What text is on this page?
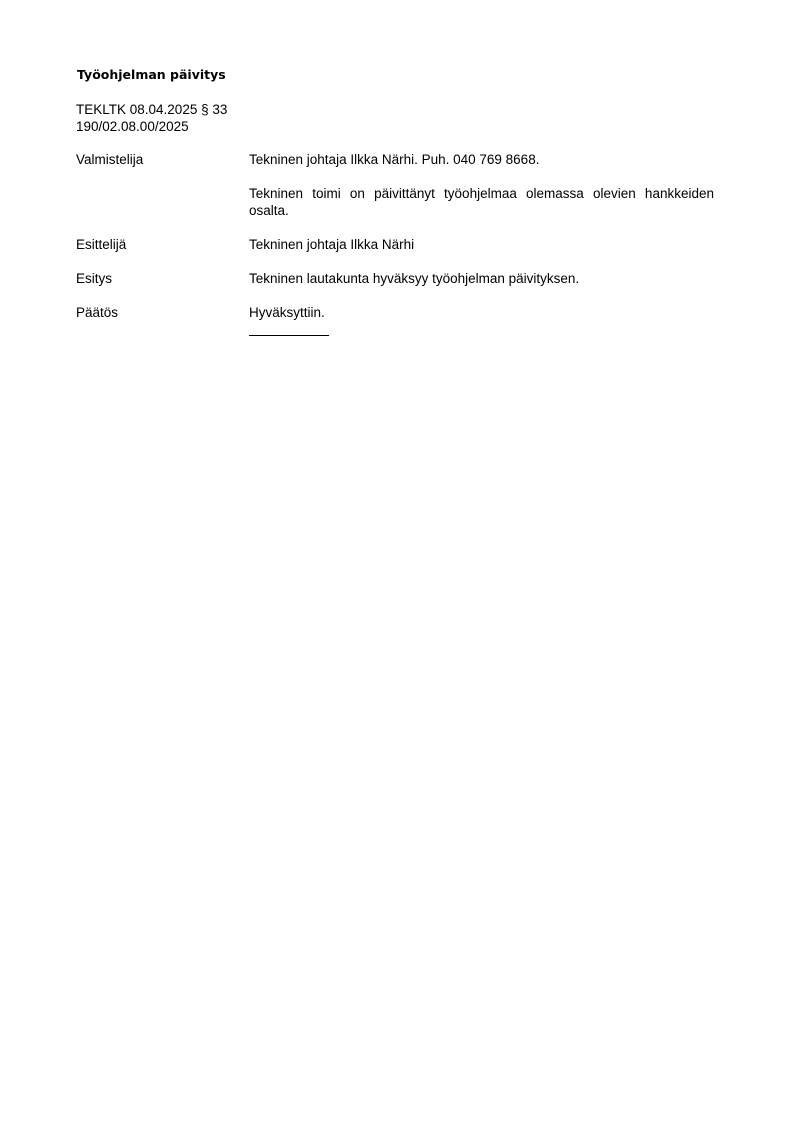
Työohjelman päivitys
TEKLTK 08.04.2025 § 33
190/02.08.00/2025
Valmistelija	Tekninen johtaja Ilkka Närhi. Puh. 040 769 8668.

Tekninen toimi on päivittänyt työohjelmaa olemassa olevien hankkeiden osalta.

Esittelijä	Tekninen johtaja Ilkka Närhi

Esitys	Tekninen lautakunta hyväksyy työohjelman päivityksen.

Päätös	Hyväksyttiin.
